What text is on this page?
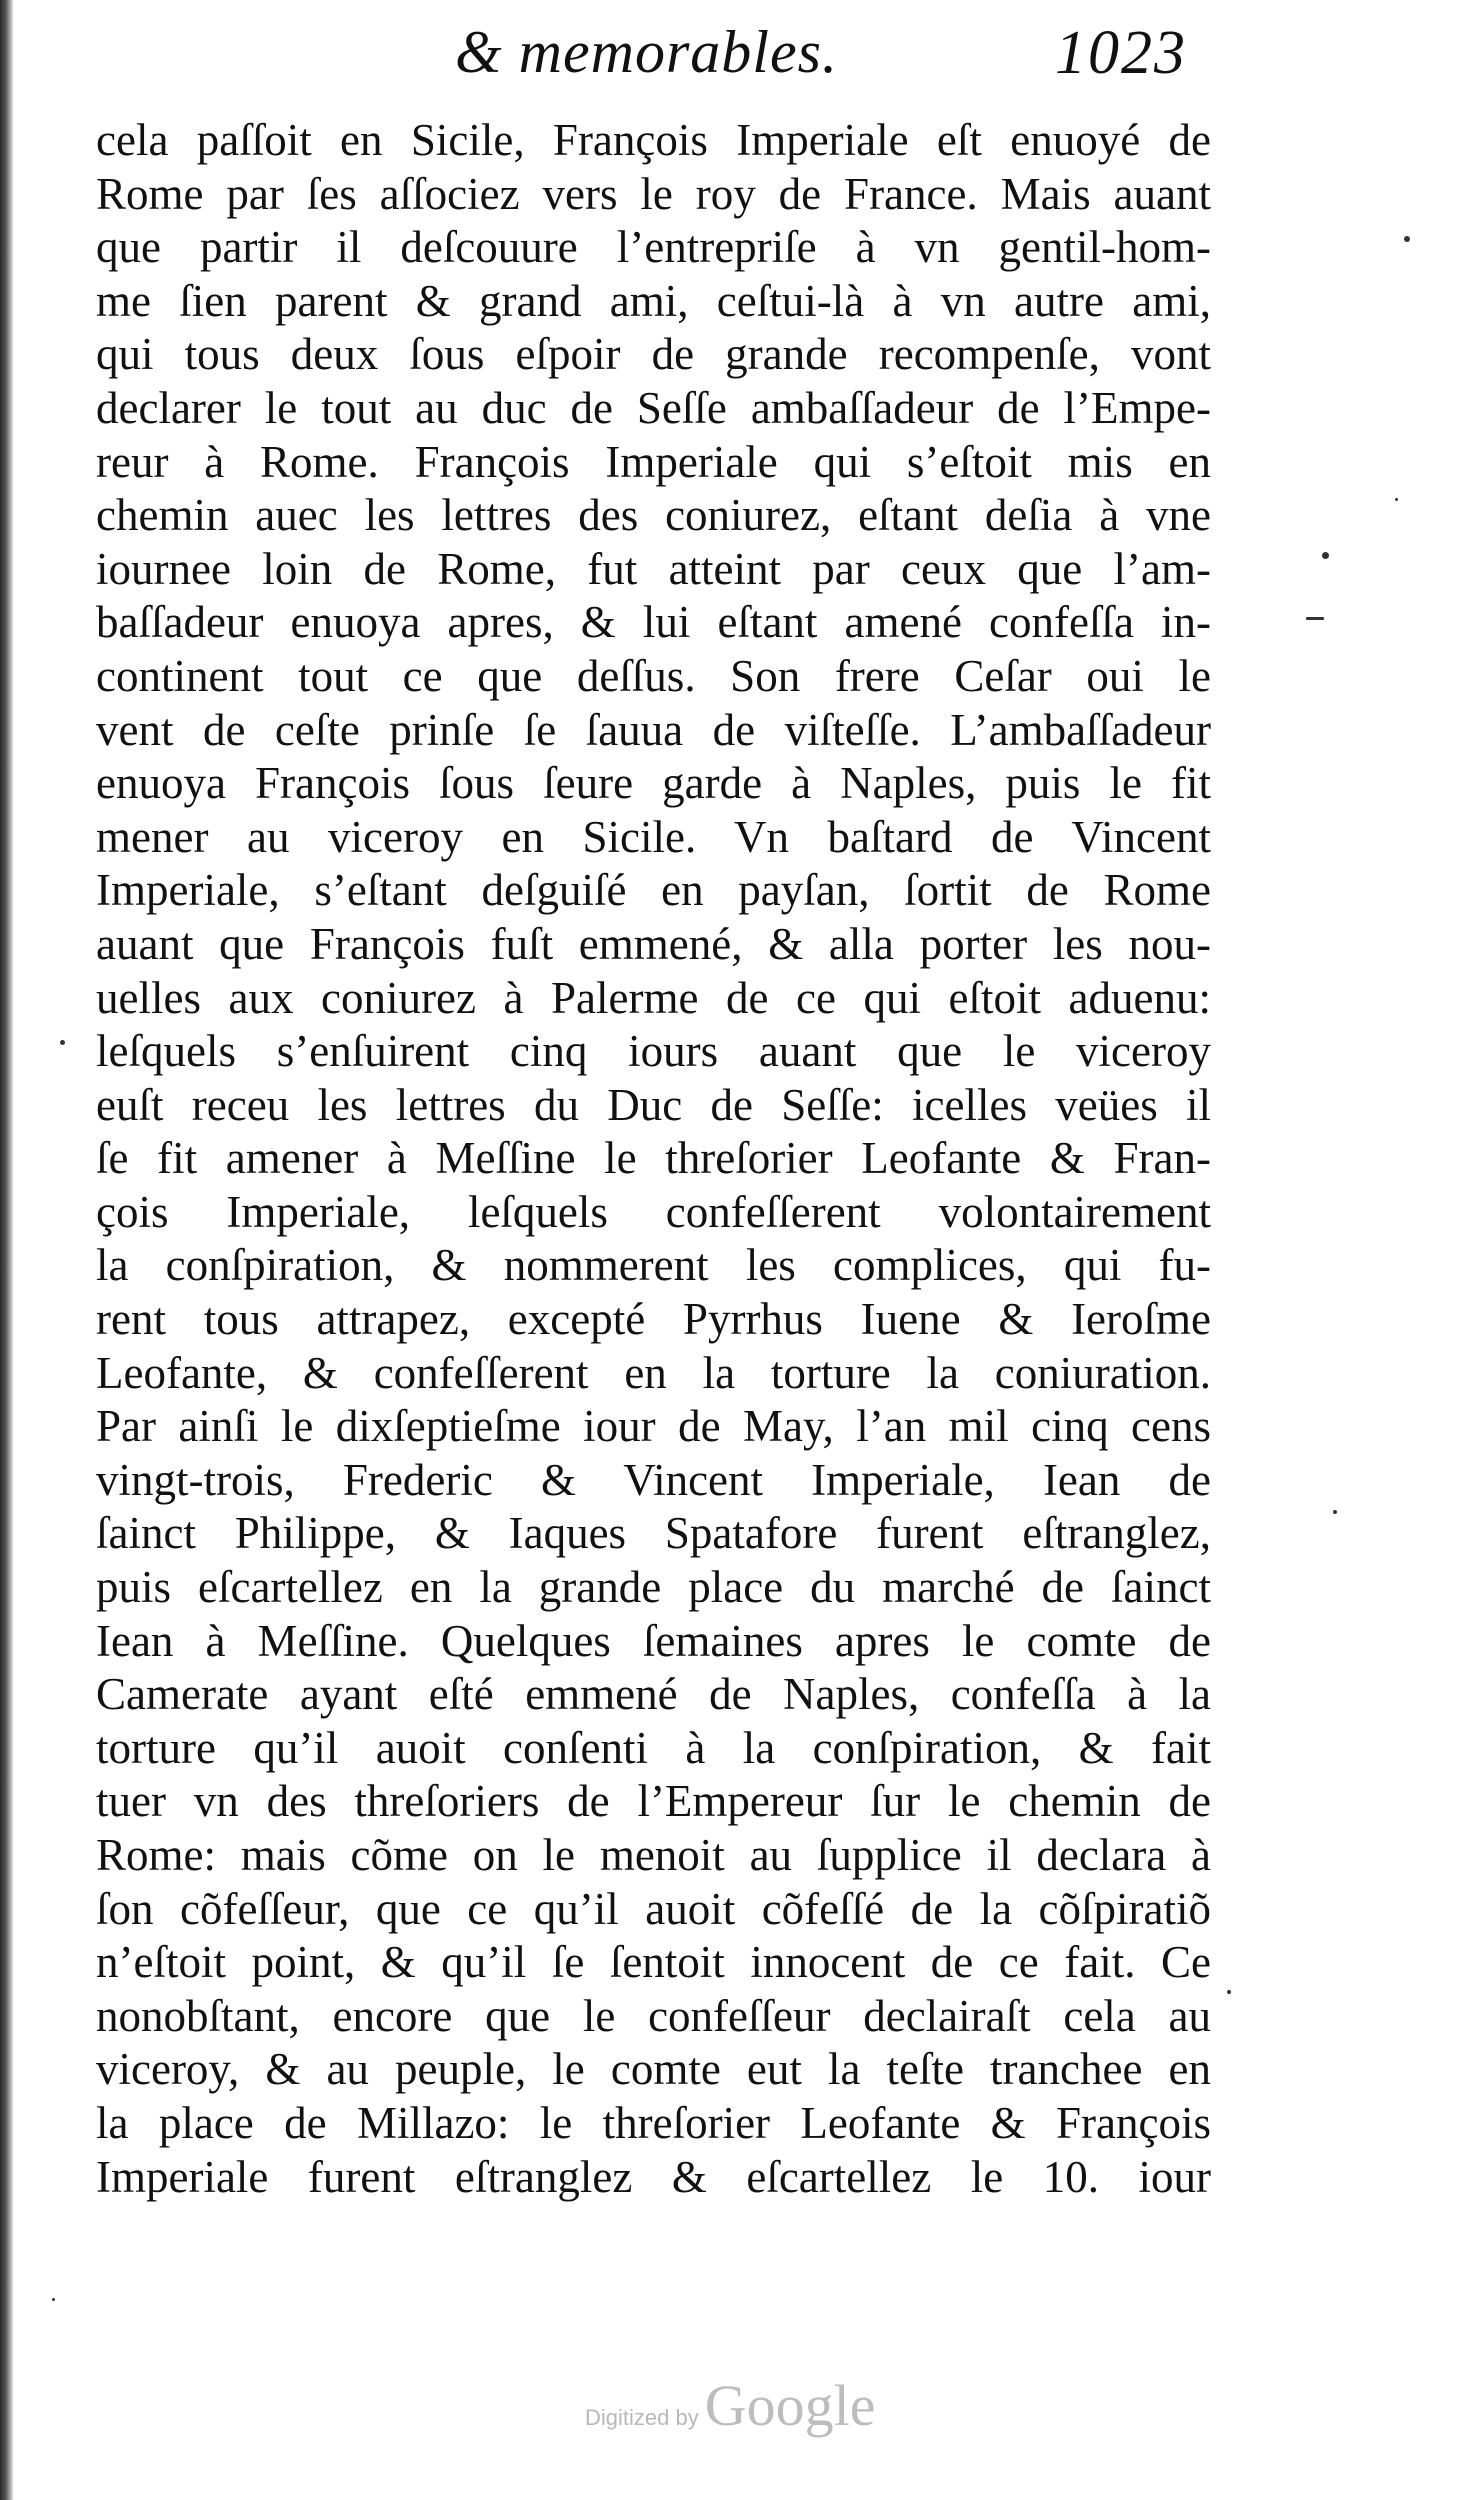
& memorables.	1023
cela paſſoit en Sicile, François Imperiale eſt enuoyé de
Rome par ſes aſſociez vers le roy de France. Mais auant
que partir il deſcouure l’entrepriſe à vn gentil-hom-
me ſien parent & grand ami, ceſtui-là à vn autre ami,
qui tous deux ſous eſpoir de grande recompenſe, vont
declarer le tout au duc de Seſſe ambaſſadeur de l’Empe-
reur à Rome. François Imperiale qui s’eſtoit mis en
chemin auec les lettres des coniurez, eſtant deſia à vne
iournee loin de Rome, fut atteint par ceux que l’am-
baſſadeur enuoya apres, & lui eſtant amené confeſſa in-
continent tout ce que deſſus. Son frere Ceſar oui le
vent de ceſte prinſe ſe ſauua de viſteſſe. L’ambaſſadeur
enuoya François ſous ſeure garde à Naples, puis le fit
mener au viceroy en Sicile. Vn baſtard de Vincent
Imperiale, s’eſtant deſguiſé en payſan, ſortit de Rome
auant que François fuſt emmené, & alla porter les nou-
uelles aux coniurez à Palerme de ce qui eſtoit aduenu:
leſquels s’enſuirent cinq iours auant que le viceroy
euſt receu les lettres du Duc de Seſſe: icelles veües il
ſe fit amener à Meſſine le threſorier Leofante & Fran-
çois Imperiale, leſquels confeſſerent volontairement
la conſpiration, & nommerent les complices, qui fu-
rent tous attrapez, excepté Pyrrhus Iuene & Ieroſme
Leofante, & confeſſerent en la torture la coniuration.
Par ainſi le dixſeptieſme iour de May, l’an mil cinq cens
vingt-trois, Frederic & Vincent Imperiale, Iean de
ſainct Philippe, & Iaques Spataforе furent eſtranglez,
puis eſcartellez en la grande place du marché de ſainct
Iean à Meſſine. Quelques ſemaines apres le comte de
Camerate ayant eſté emmené de Naples, confeſſa à la
torture qu’il auoit conſenti à la conſpiration, & fait
tuer vn des threſoriers de l’Empereur ſur le chemin de
Rome: mais cõme on le menoit au ſupplice il declara à
ſon cõfeſſeur, que ce qu’il auoit cõfeſſé de la cõſpiratiõ
n’eſtoit point, & qu’il ſe ſentoit innocent de ce fait. Ce
nonobſtant, encore que le confeſſeur declairaſt cela au
viceroy, & au peuple, le comte eut la teſte tranchee en
la place de Millazo: le threſorier Leofante & François
Imperiale furent eſtranglez & eſcartellez le 10. iour
Digitized by Google
